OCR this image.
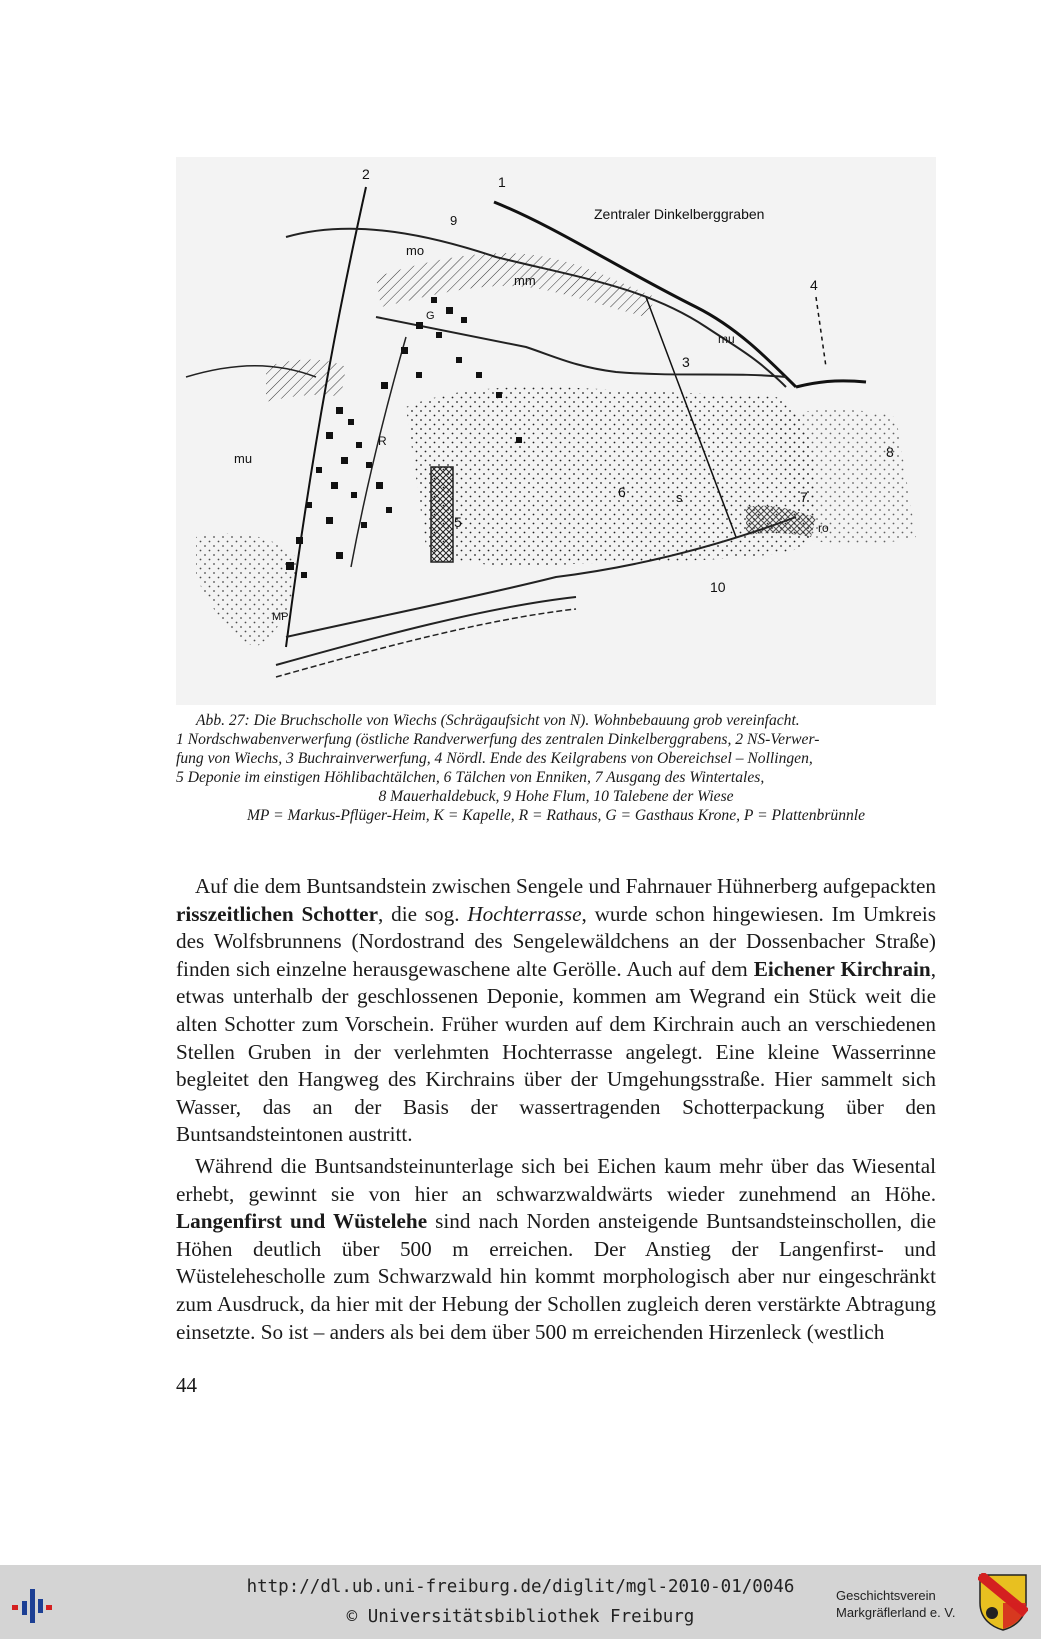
2	1
9	Zentraler Dinkelberggraben
mo
mm	4
G
mu
3
mu
R
8
6	s	7
5	ro
10
MP
Abb. 27: Die Bruchscholle von Wiechs (Schrägaufsicht von N). Wohnbebauung grob vereinfacht.
1 Nordschwabenverwerfung (östliche Randverwerfung des zentralen Dinkelberggrabens, 2 NS-Verwer-
fung von Wiechs, 3 Buchrainverwerfung, 4 Nördl. Ende des Keilgrabens von Obereichsel – Nollingen,
5 Deponie im einstigen Höhlibachtälchen, 6 Tälchen von Enniken, 7 Ausgang des Wintertales,
8 Mauerhaldebuck, 9 Hohe Flum, 10 Talebene der Wiese
MP = Markus-Pflüger-Heim, K = Kapelle, R = Rathaus, G = Gasthaus Krone, P = Plattenbrünnle

Auf die dem Buntsandstein zwischen Sengele und Fahrnauer Hühnerberg aufgepackten risszeitlichen Schotter, die sog. Hochterrasse, wurde schon hingewiesen. Im Umkreis des Wolfsbrunnens (Nordostrand des Sengelewäldchens an der Dossenbacher Straße) finden sich einzelne herausgewaschene alte Gerölle. Auch auf dem Eichener Kirchrain, etwas unterhalb der geschlossenen Deponie, kommen am Wegrand ein Stück weit die alten Schotter zum Vorschein. Früher wurden auf dem Kirchrain auch an verschiedenen Stellen Gruben in der verlehmten Hochterrasse angelegt. Eine kleine Wasserrinne begleitet den Hangweg des Kirchrains über der Umgehungsstraße. Hier sammelt sich Wasser, das an der Basis der wassertragenden Schotterpackung über den Buntsandsteintonen austritt.

Während die Buntsandsteinunterlage sich bei Eichen kaum mehr über das Wiesental erhebt, gewinnt sie von hier an schwarzwaldwärts wieder zunehmend an Höhe. Langenfirst und Wüstelehe sind nach Norden ansteigende Buntsandsteinschollen, die Höhen deutlich über 500 m erreichen. Der Anstieg der Langenfirst- und Wüstelehescholle zum Schwarzwald hin kommt morphologisch aber nur eingeschränkt zum Ausdruck, da hier mit der Hebung der Schollen zugleich deren verstärkte Abtragung einsetzte. So ist – anders als bei dem über 500 m erreichenden Hirzenleck (westlich

44
http://dl.ub.uni-freiburg.de/diglit/mgl-2010-01/0046
© Universitätsbibliothek Freiburg
Geschichtsverein
Markgräflerland e. V.
